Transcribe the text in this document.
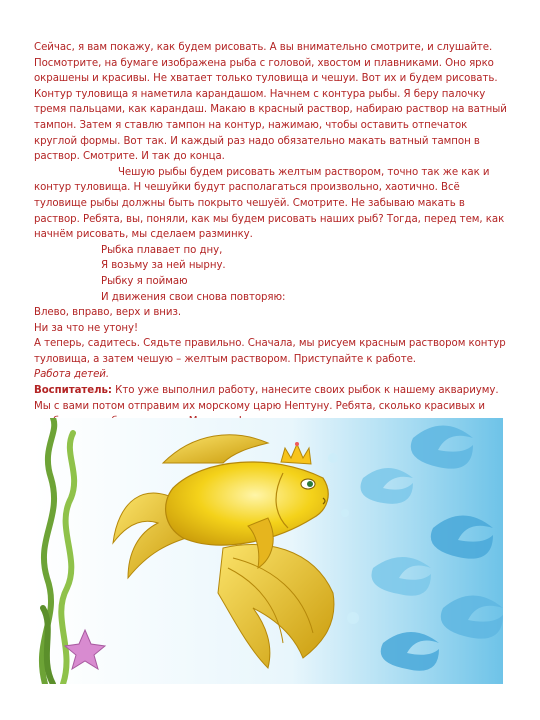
Сейчас, я вам покажу, как будем рисовать. А вы внимательно смотрите, и слушайте. Посмотрите, на бумаге изображена рыба с головой, хвостом и плавниками. Оно ярко окрашены и красивы. Не хватает только туловища и чешуи. Вот их и будем рисовать. Контур туловища я наметила карандашом. Начнем с контура рыбы. Я беру палочку тремя пальцами, как карандаш. Макаю в красный раствор, набираю раствор на ватный тампон. Затем я ставлю тампон на контур, нажимаю, чтобы оставить отпечаток круглой формы. Вот так. И каждый раз надо обязательно макать ватный тампон в раствор. Смотрите. И так до конца.

Чешую рыбы будем рисовать желтым раствором, точно так же как и контур туловища. Н чешуйки будут располагаться произвольно, хаотично. Всё туловище рыбы должны быть покрыто чешуёй. Смотрите. Не забываю макать в раствор. Ребята, вы, поняли, как мы будем рисовать наших рыб? Тогда, перед тем, как начнём рисовать, мы сделаем разминку.

Рыбка плавает по дну,

Я возьму за ней нырну.

Рыбку я поймаю

И движения свои снова повторяю:

Влево, вправо, верх и вниз.

Ни за что не утону!

А теперь, садитесь. Сядьте правильно. Сначала, мы рисуем красным раствором контур туловища, а затем чешую – желтым раствором. Приступайте к работе.

Работа детей.

Воспитатель: Кто уже выполнил работу, нанесите своих рыбок к нашему аквариуму. Мы с вами потом отправим их морскому царю Нептуну. Ребята, сколько красивых и
